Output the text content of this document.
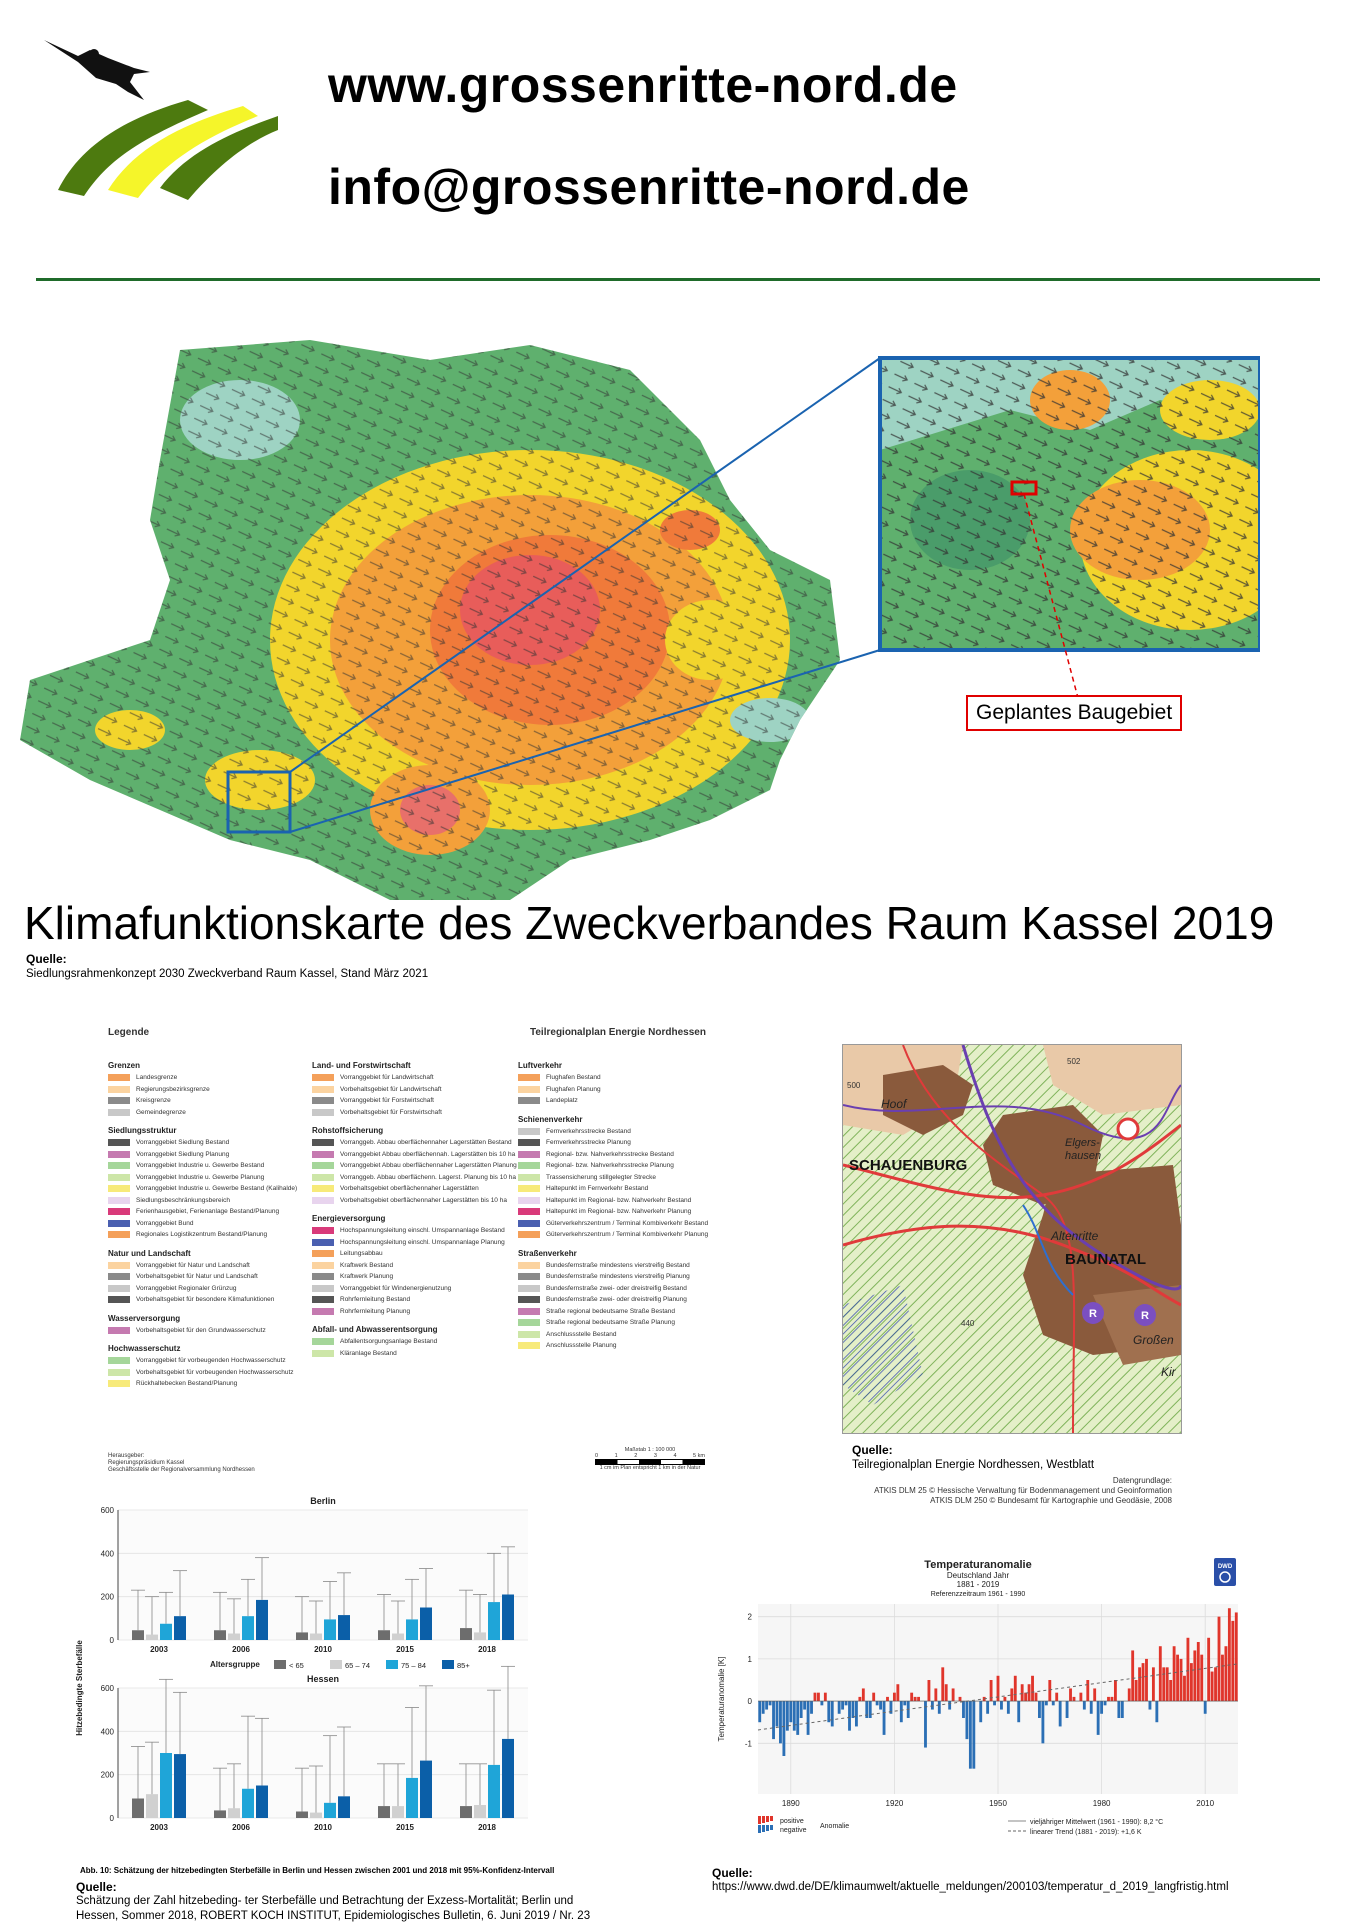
www.grossenritte-nord.de
info@grossenritte-nord.de
Geplantes Baugebiet
Klimafunktionskarte des Zweckverbandes Raum Kassel 2019
Quelle:
Siedlungsrahmenkonzept 2030 Zweckverband Raum Kassel, Stand März 2021
Legende	Teilregionalplan Energie Nordhessen
Grenzen
Landesgrenze
Regierungsbezirksgrenze
Kreisgrenze
Gemeindegrenze
Siedlungsstruktur
Vorranggebiet Siedlung Bestand
Vorranggebiet Siedlung Planung
Vorranggebiet Industrie u. Gewerbe Bestand
Vorranggebiet Industrie u. Gewerbe Planung
Vorranggebiet Industrie u. Gewerbe Bestand (Kalihalde)
Siedlungsbeschränkungsbereich
Ferienhausgebiet, Ferienanlage Bestand/Planung
Vorranggebiet Bund
Regionales Logistikzentrum Bestand/Planung
Natur und Landschaft
Vorranggebiet für Natur und Landschaft
Vorbehaltsgebiet für Natur und Landschaft
Vorranggebiet Regionaler Grünzug
Vorbehaltsgebiet für besondere Klimafunktionen
Wasserversorgung
Vorbehaltsgebiet für den Grundwasserschutz
Hochwasserschutz
Vorranggebiet für vorbeugenden Hochwasserschutz
Vorbehaltsgebiet für vorbeugenden Hochwasserschutz
Rückhaltebecken Bestand/Planung
Land- und Forstwirtschaft
Vorranggebiet für Landwirtschaft
Vorbehaltsgebiet für Landwirtschaft
Vorranggebiet für Forstwirtschaft
Vorbehaltsgebiet für Forstwirtschaft
Rohstoffsicherung
Vorranggeb. Abbau oberflächennaher Lagerstätten Bestand
Vorranggebiet Abbau oberflächennah. Lagerstätten bis 10 ha
Vorranggebiet Abbau oberflächennaher Lagerstätten Planung
Vorranggeb. Abbau oberflächenn. Lagerst. Planung bis 10 ha
Vorbehaltsgebiet oberflächennaher Lagerstätten
Vorbehaltsgebiet oberflächennaher Lagerstätten bis 10 ha
Energieversorgung
Hochspannungsleitung einschl. Umspannanlage Bestand
Hochspannungsleitung einschl. Umspannanlage Planung
Leitungsabbau
Kraftwerk Bestand
Kraftwerk Planung
Vorranggebiet für Windenergienutzung
Rohrfernleitung Bestand
Rohrfernleitung Planung
Abfall- und Abwasserentsorgung
Abfallentsorgungsanlage Bestand
Kläranlage Bestand
Luftverkehr
Flughafen Bestand
Flughafen Planung
Landeplatz
Schienenverkehr
Fernverkehrsstrecke Bestand
Fernverkehrsstrecke Planung
Regional- bzw. Nahverkehrsstrecke Bestand
Regional- bzw. Nahverkehrsstrecke Planung
Trassensicherung stillgelegter Strecke
Haltepunkt im Fernverkehr Bestand
Haltepunkt im Regional- bzw. Nahverkehr Bestand
Haltepunkt im Regional- bzw. Nahverkehr Planung
Güterverkehrszentrum / Terminal Kombiverkehr Bestand
Güterverkehrszentrum / Terminal Kombiverkehr Planung
Straßenverkehr
Bundesfernstraße mindestens vierstreifig Bestand
Bundesfernstraße mindestens vierstreifig Planung
Bundesfernstraße zwei- oder dreistreifig Bestand
Bundesfernstraße zwei- oder dreistreifig Planung
Straße regional bedeutsame Straße Bestand
Straße regional bedeutsame Straße Planung
Anschlussstelle Bestand
Anschlussstelle Planung
Herausgeber:
Regierungspräsidium Kassel
Geschäftsstelle der Regionalversammlung Nordhessen
Maßstab 1 : 100 000
0	1	2	3	4	5 km
1 cm im Plan entspricht 1 km in der Natur
R	R
Hoof
SCHAUENBURG
Elgers-
hausen
Altenritte
BAUNATAL
Großen
Kir
502
500
440
Quelle:
Teilregionalplan Energie Nordhessen, Westblatt
Datengrundlage:
ATKIS DLM 25 © Hessische Verwaltung für Bodenmanagement und Geoinformation
ATKIS DLM 250 © Bundesamt für Kartographie und Geodäsie, 2008
Berlin
0
200
400
600
2003	2006	2010	2015	2018
Hessen
0
200
400
600
2003	2006	2010	2015	2018
Hitzebedingte Sterbefälle	Altersgruppe	< 65	65 – 74	75 – 84	85+
Abb. 10: Schätzung der hitzebedingten Sterbefälle in Berlin und Hessen zwischen 2001 und 2018 mit 95%-Konfidenz-Intervall
Quelle:
Schätzung der Zahl hitzebeding- ter Sterbefälle und Betrachtung der Exzess-Mortalität; Berlin und Hessen, Sommer 2018, ROBERT KOCH INSTITUT, Epidemiologisches Bulletin, 6. Juni 2019 / Nr. 23
Temperaturanomalie
Deutschland Jahr
1881 - 2019
Referenzzeitraum 1961 - 1990
DWD
-1
0
1
2
1890	1920	1950	1980	2010
Temperaturanomalie [K]
positive
negative
Anomalie
vieljähriger Mittelwert (1961 - 1990): 8,2 °C
linearer Trend (1881 - 2019): +1,6 K
Quelle:
https://www.dwd.de/DE/klimaumwelt/aktuelle_meldungen/200103/temperatur_d_2019_langfristig.html
